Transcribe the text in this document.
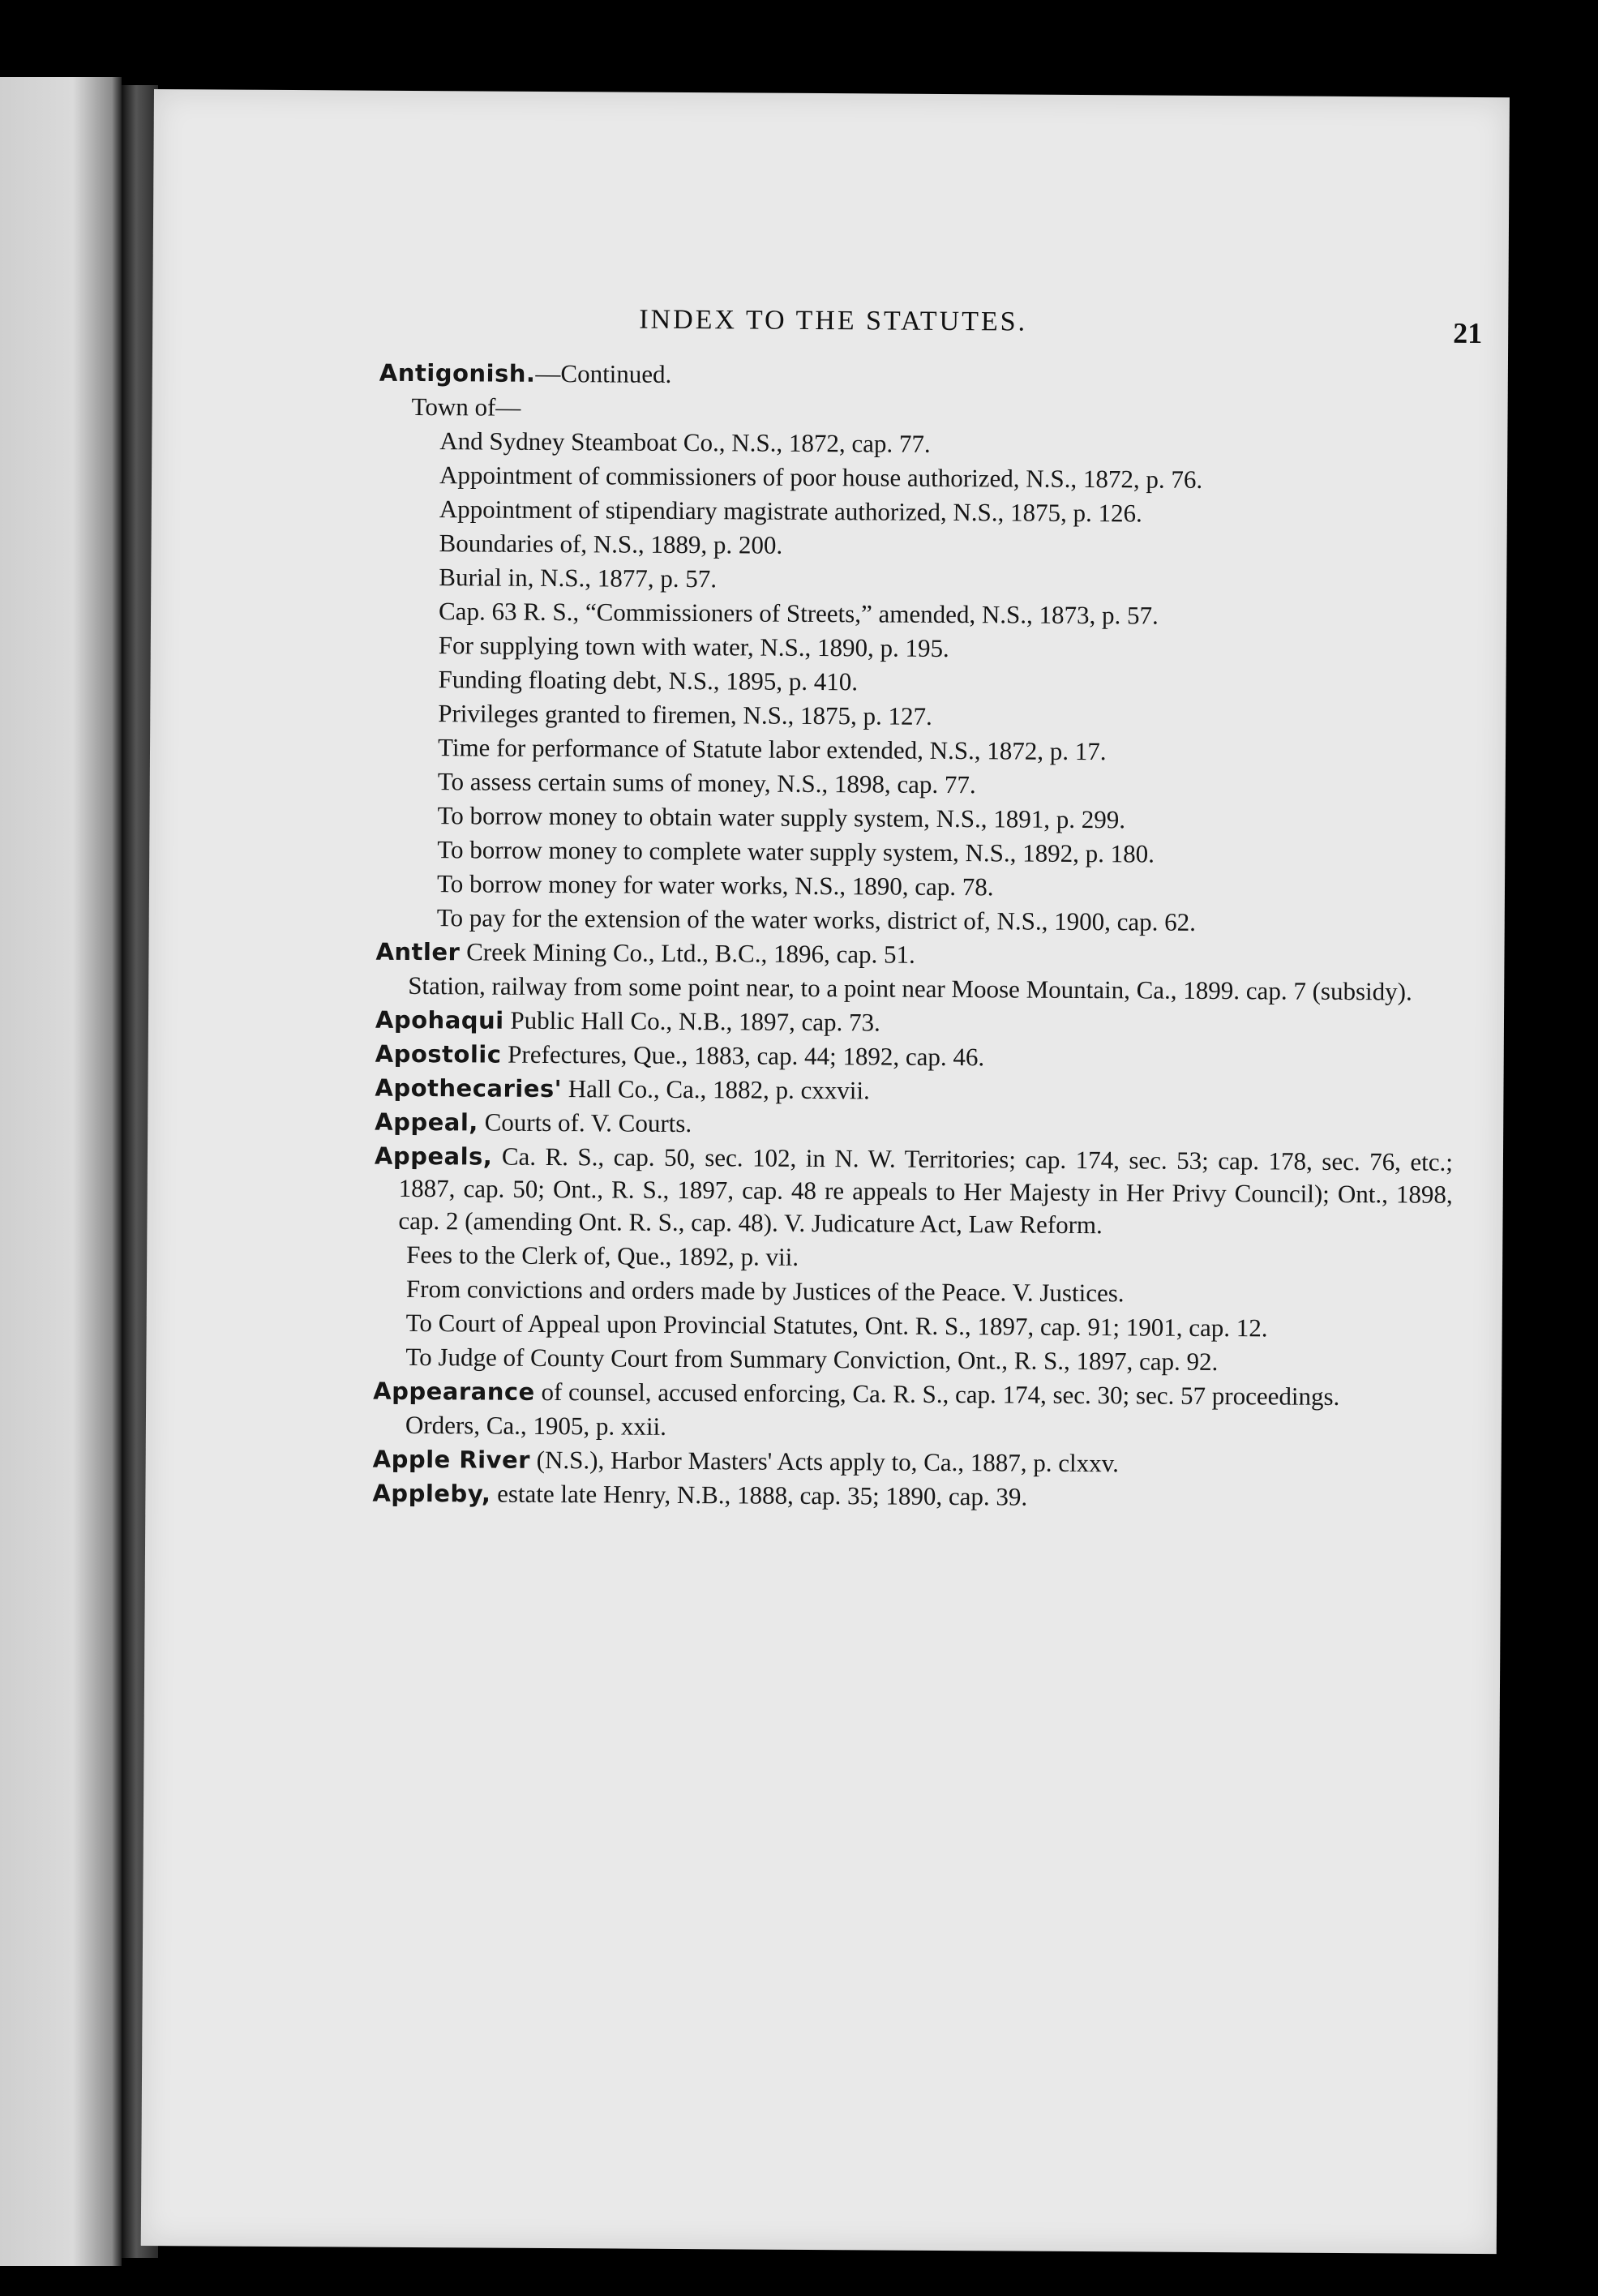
INDEX TO THE STATUTES.	21

Antigonish.—Continued.

Town of—

And Sydney Steamboat Co., N.S., 1872, cap. 77.

Appointment of commissioners of poor house authorized, N.S., 1872, p. 76.

Appointment of stipendiary magistrate authorized, N.S., 1875, p. 126.

Boundaries of, N.S., 1889, p. 200.

Burial in, N.S., 1877, p. 57.

Cap. 63 R. S., “Commissioners of Streets,” amended, N.S., 1873, p. 57.

For supplying town with water, N.S., 1890, p. 195.

Funding floating debt, N.S., 1895, p. 410.

Privileges granted to firemen, N.S., 1875, p. 127.

Time for performance of Statute labor extended, N.S., 1872, p. 17.

To assess certain sums of money, N.S., 1898, cap. 77.

To borrow money to obtain water supply system, N.S., 1891, p. 299.

To borrow money to complete water supply system, N.S., 1892, p. 180.

To borrow money for water works, N.S., 1890, cap. 78.

To pay for the extension of the water works, district of, N.S., 1900, cap. 62.

Antler Creek Mining Co., Ltd., B.C., 1896, cap. 51.

Station, railway from some point near, to a point near Moose Mountain, Ca., 1899. cap. 7 (subsidy).

Apohaqui Public Hall Co., N.B., 1897, cap. 73.

Apostolic Prefectures, Que., 1883, cap. 44; 1892, cap. 46.

Apothecaries' Hall Co., Ca., 1882, p. cxxvii.

Appeal, Courts of. V. Courts.

Appeals, Ca. R. S., cap. 50, sec. 102, in N. W. Territories; cap. 174, sec. 53; cap. 178, sec. 76, etc.; 1887, cap. 50; Ont., R. S., 1897, cap. 48 re appeals to Her Majesty in Her Privy Council); Ont., 1898, cap. 2 (amending Ont. R. S., cap. 48). V. Judicature Act, Law Reform.

Fees to the Clerk of, Que., 1892, p. vii.

From convictions and orders made by Justices of the Peace. V. Justices.

To Court of Appeal upon Provincial Statutes, Ont. R. S., 1897, cap. 91; 1901, cap. 12.

To Judge of County Court from Summary Conviction, Ont., R. S., 1897, cap. 92.

Appearance of counsel, accused enforcing, Ca. R. S., cap. 174, sec. 30; sec. 57 proceedings.

Orders, Ca., 1905, p. xxii.

Apple River (N.S.), Harbor Masters' Acts apply to, Ca., 1887, p. clxxv.

Appleby, estate late Henry, N.B., 1888, cap. 35; 1890, cap. 39.
